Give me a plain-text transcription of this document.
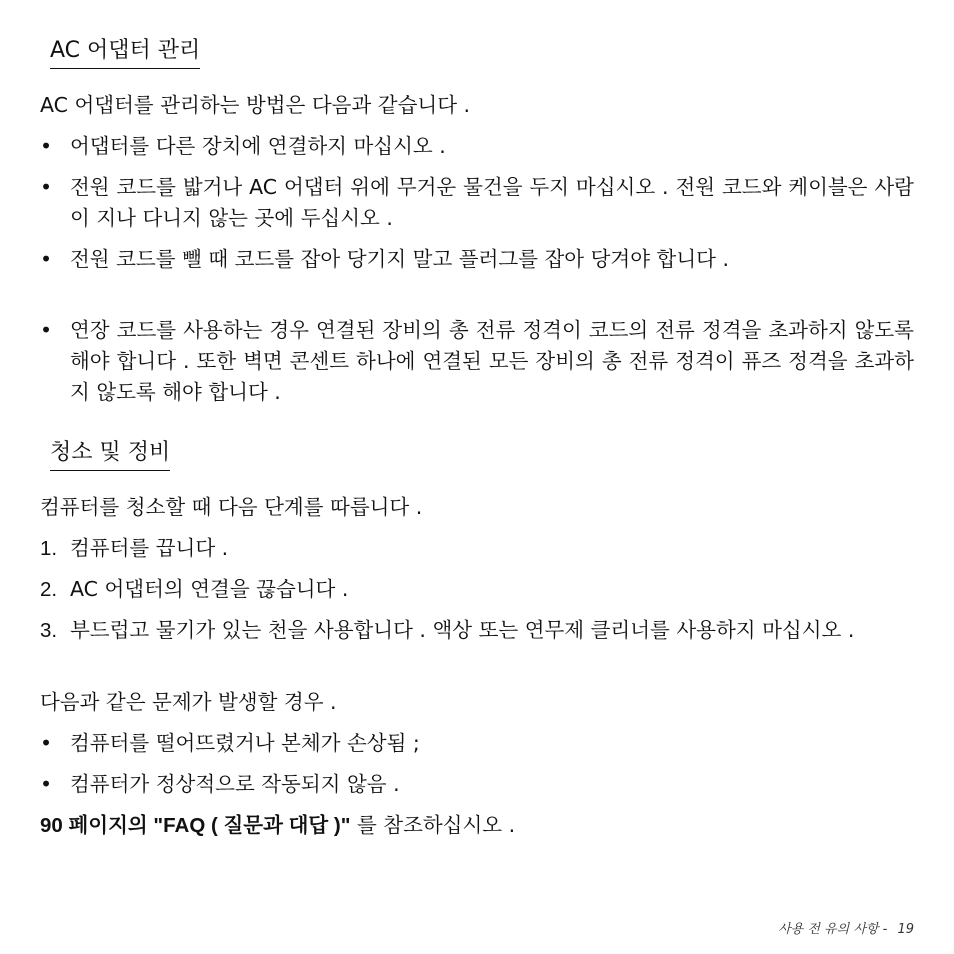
AC 어댑터 관리
AC 어댑터를 관리하는 방법은 다음과 같습니다 .
• 어댑터를 다른 장치에 연결하지 마십시오 .
• 전원 코드를 밟거나 AC 어댑터 위에 무거운 물건을 두지 마십시오 . 전원 코드와 케이블은 사람이 지나 다니지 않는 곳에 두십시오 .
• 전원 코드를 뺄 때 코드를 잡아 당기지 말고 플러그를 잡아 당겨야 합니다 .
• 연장 코드를 사용하는 경우 연결된 장비의 총 전류 정격이 코드의 전류 정격을 초과하지 않도록 해야 합니다 . 또한 벽면 콘센트 하나에 연결된 모든 장비의 총 전류 정격이 퓨즈 정격을 초과하지 않도록 해야 합니다 .
청소 및 정비
컴퓨터를 청소할 때 다음 단계를 따릅니다 .
1. 컴퓨터를 끕니다 .
2. AC 어댑터의 연결을 끊습니다 .
3. 부드럽고 물기가 있는 천을 사용합니다 . 액상 또는 연무제 클리너를 사용하지 마십시오 .
다음과 같은 문제가 발생할 경우 .
• 컴퓨터를 떨어뜨렸거나 본체가 손상됨 ;
• 컴퓨터가 정상적으로 작동되지 않음 .
90 페이지의 "FAQ ( 질문과 대답 )" 를 참조하십시오 .
사용 전 유의 사항 - 19
